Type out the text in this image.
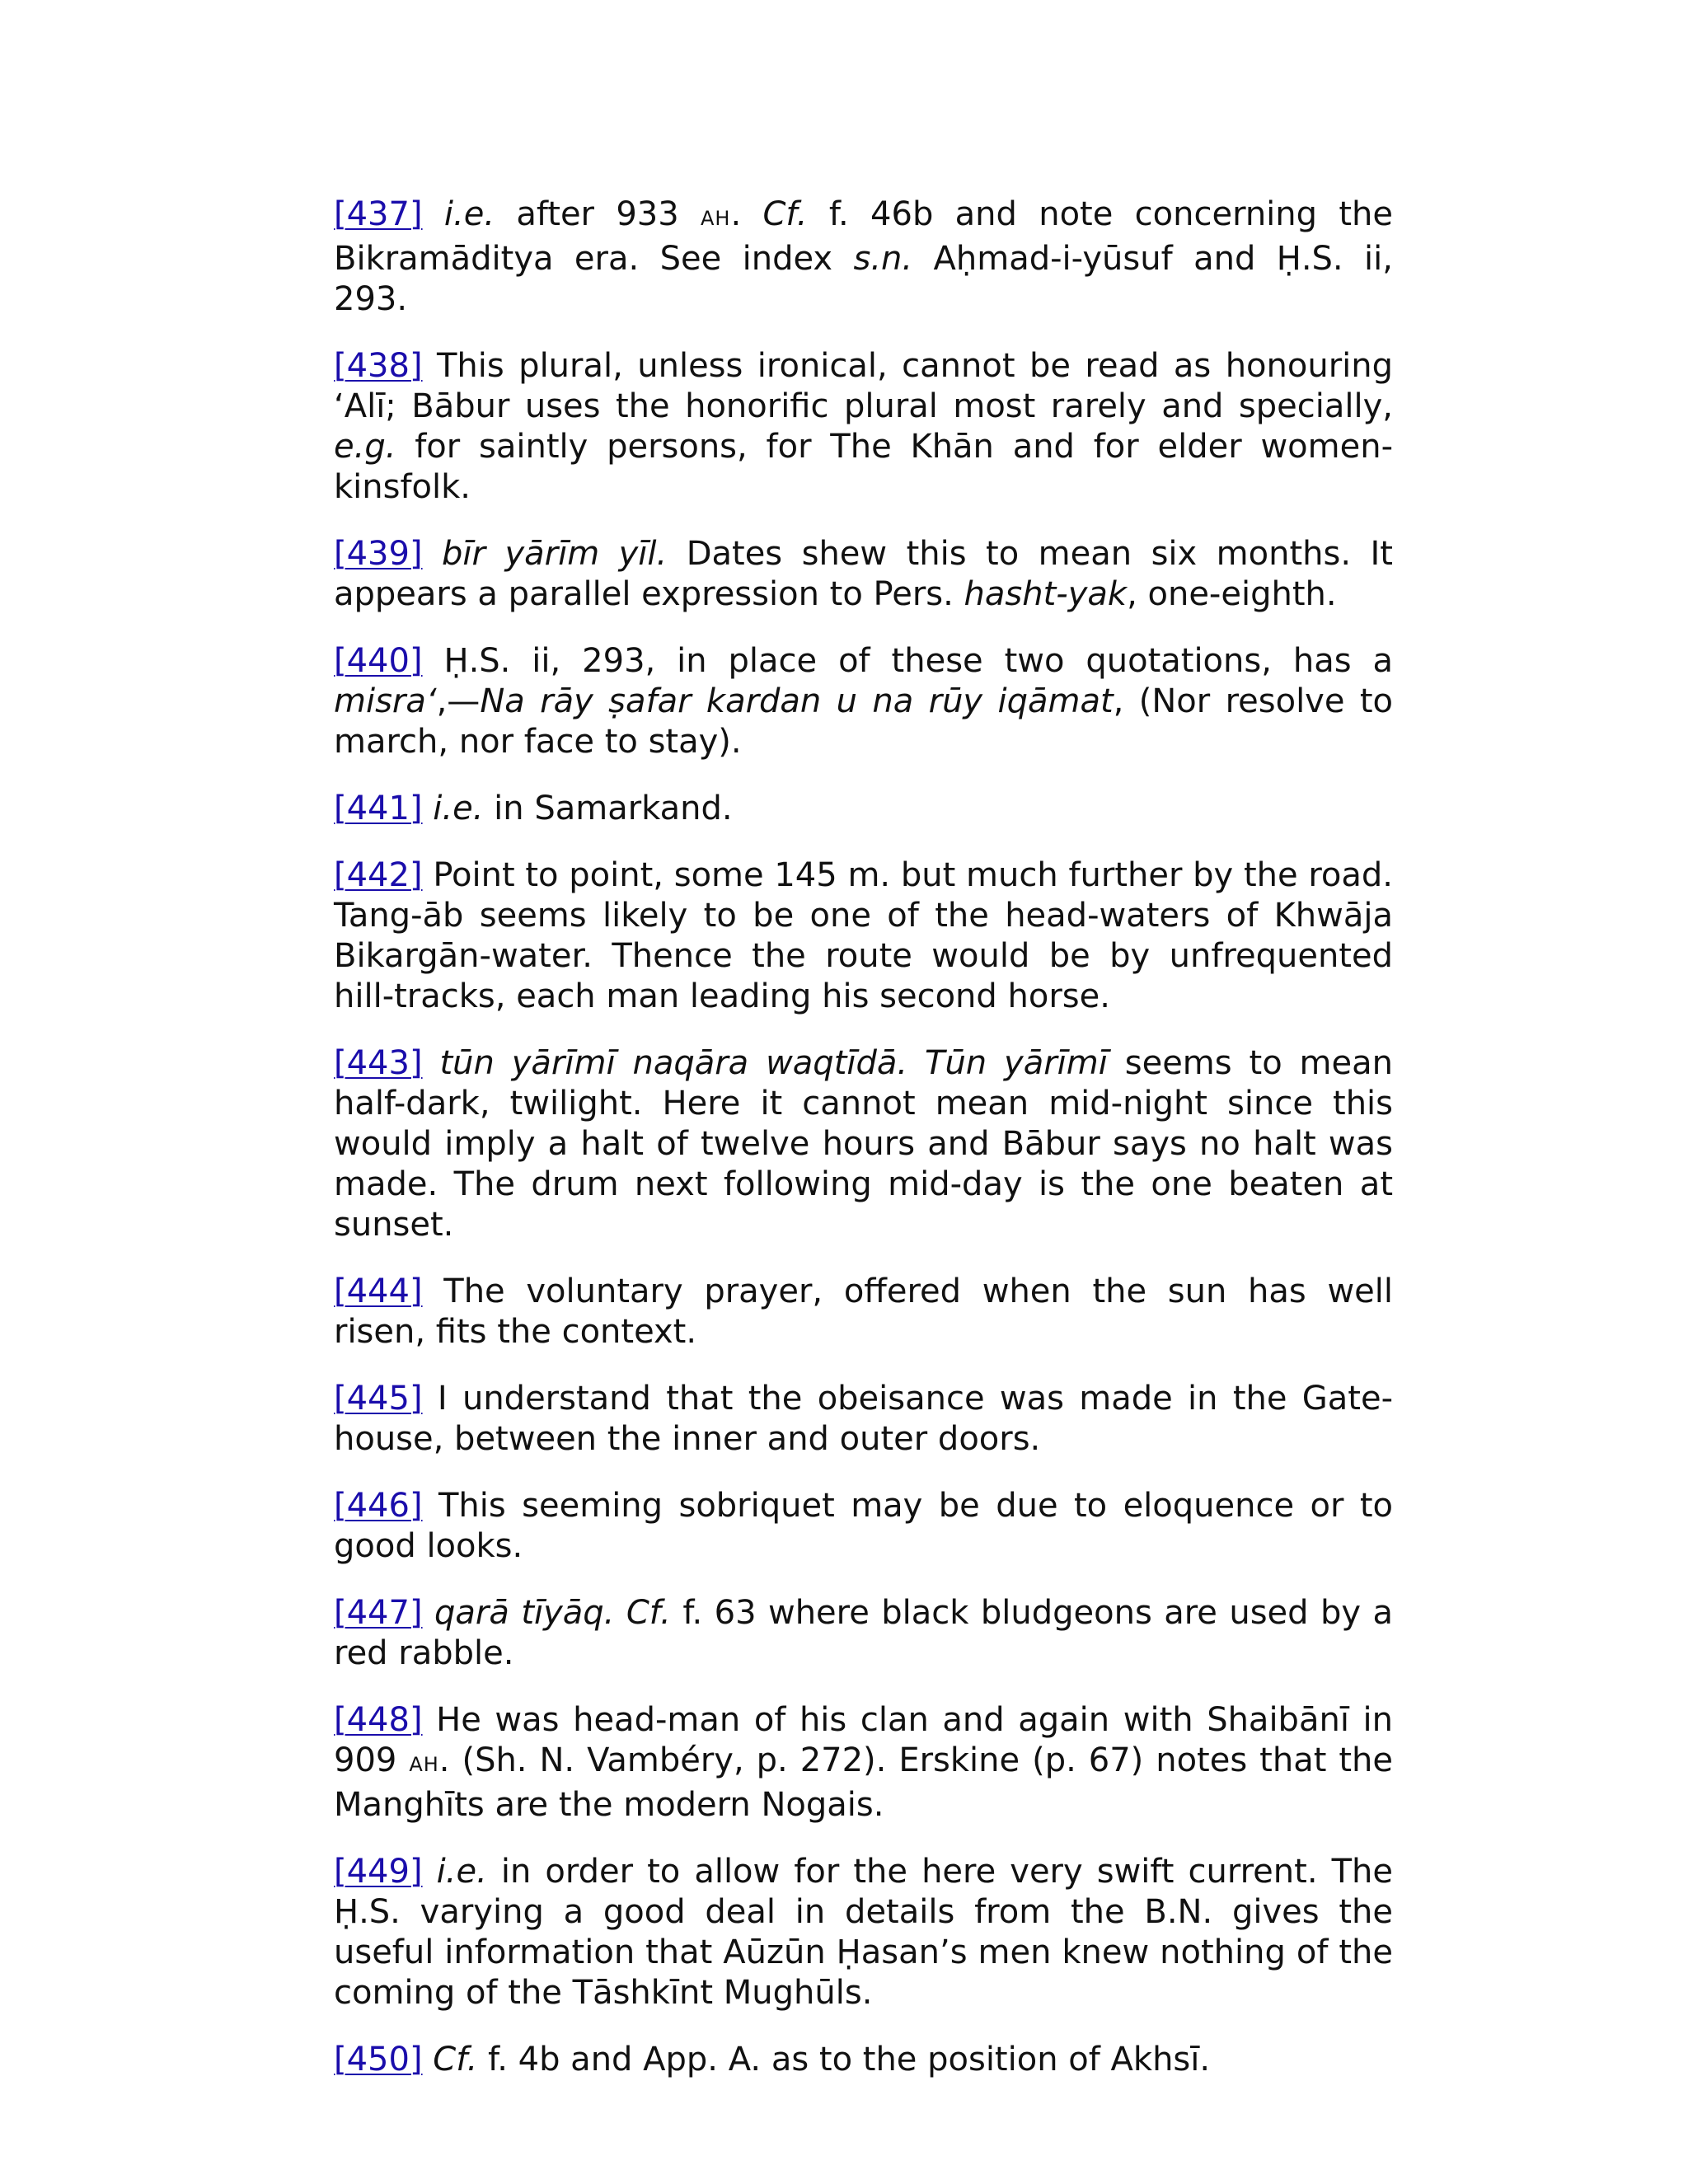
[437] i.e. after 933 AH. Cf. f. 46b and note concerning the Bikramāditya era. See index s.n. Aḥmad-i-yūsuf and Ḥ.S. ii, 293.

[438] This plural, unless ironical, cannot be read as honouring ‘Alī; Bābur uses the honorific plural most rarely and specially, e.g. for saintly persons, for The Khān and for elder women-kinsfolk.

[439] bīr yārīm yīl. Dates shew this to mean six months. It appears a parallel expression to Pers. hasht-yak, one-eighth.

[440] Ḥ.S. ii, 293, in place of these two quotations, has a misra‘,—Na rāy ṣafar kardan u na rūy iqāmat, (Nor resolve to march, nor face to stay).

[441] i.e. in Samarkand.

[442] Point to point, some 145 m. but much further by the road. Tang-āb seems likely to be one of the head-waters of Khwāja Bikargān-water. Thence the route would be by unfrequented hill-tracks, each man leading his second horse.

[443] tūn yārīmī naqāra waqtīdā. Tūn yārīmī seems to mean half-dark, twilight. Here it cannot mean mid-night since this would imply a halt of twelve hours and Bābur says no halt was made. The drum next following mid-day is the one beaten at sunset.

[444] The voluntary prayer, offered when the sun has well risen, fits the context.

[445] I understand that the obeisance was made in the Gate-house, between the inner and outer doors.

[446] This seeming sobriquet may be due to eloquence or to good looks.

[447] qarā tīyāq. Cf. f. 63 where black bludgeons are used by a red rabble.

[448] He was head-man of his clan and again with Shaibānī in 909 AH. (Sh. N. Vambéry, p. 272). Erskine (p. 67) notes that the Manghīts are the modern Nogais.

[449] i.e. in order to allow for the here very swift current. The Ḥ.S. varying a good deal in details from the B.N. gives the useful information that Aūzūn Ḥasan’s men knew nothing of the coming of the Tāshkīnt Mughūls.

[450] Cf. f. 4b and App. A. as to the position of Akhsī.
